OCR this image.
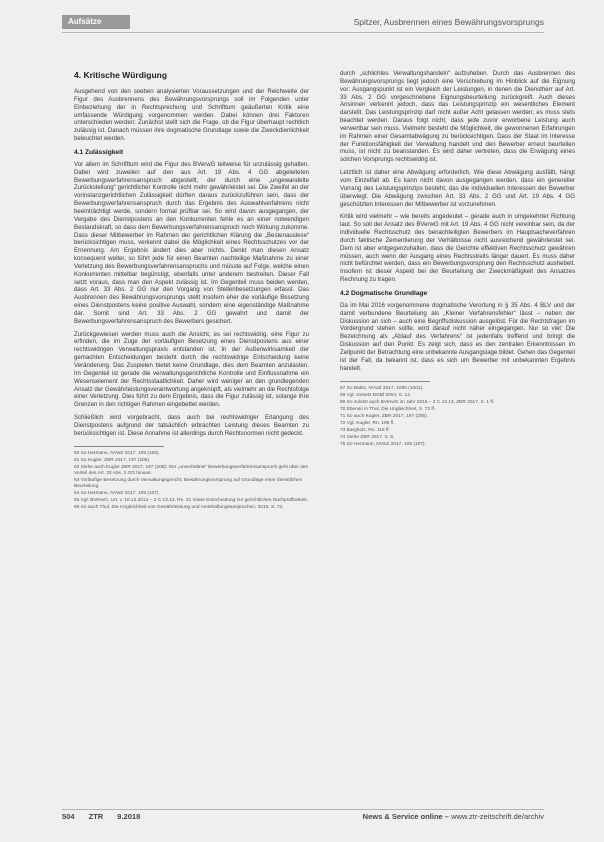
Aufsätze	Spitzer, Ausbrennen eines Bewährungsvorsprungs
4. Kritische Würdigung

Ausgehend von den soeben analysierten Voraussetzungen und der Reichweite der Figur des Ausbrennens des Bewährungsvorsprungs soll im Folgenden unter Einbeziehung der in Rechtsprechung und Schrifttum geäußerten Kritik eine umfassende Würdigung vorgenommen werden. Dabei können drei Faktoren unterschieden werden: Zunächst stellt sich die Frage, ob die Figur überhaupt rechtlich zulässig ist. Danach müssen ihre dogmatische Grundlage sowie die Zweckdienlichkeit beleuchtet werden.

4.1 Zulässigkeit

Vor allem im Schrifttum wird die Figur des BVerwG teilweise für unzulässig gehalten. Dabei wird zuweilen auf den aus Art. 19 Abs. 4 GG abgeleiteten Bewerbungsverfahrensanspruch abgestellt, der durch eine „ungewandelte Zurückstellung“ gerichtlicher Kontrolle nicht mehr gewährleistet sei. Die Zweifel an der vorinstanzgerichtlichen Zulässigkeit dürften daraus zurückzuführen sein, dass der Bewerbungsverfahrensanspruch durch das Ergebnis des Auswahlverfahrens nicht beeinträchtigt werde, sondern formal prüfbar sei. So wird davon ausgegangen, der Vergabe des Dienstpostens an den Konkurrenten fehle es an einer notwendigen Bestandskraft, so dass dem Bewerbungsverfahrensanspruch noch Wirkung zukomme. Dass dieser Mitbewerber im Rahmen der gerichtlichen Klärung die „Bestenauslese“ berücksichtigen muss, verkennt dabei die Möglichkeit eines Rechtsschutzes vor der Ernennung. Am Ergebnis ändert dies aber nichts. Denkt man diesen Ansatz konsequent weiter, so führt jede für einen Beamten nachteilige Maßnahme zu einer Verletzung des Bewerbungsverfahrensanspruchs und müsste auf Folge, welche einen Konkurrenten mittelbar begünstigt, ebenfalls unter anderem bestreiten. Dieser Fall setzt voraus, dass man den Aspekt zulässig ist. Im Gegenteil muss beiden werden, dass Art. 33 Abs. 2 GG nur den Vorgang von Stellenbesetzungen erfasst. Das Ausbrennen des Bewährungsvorsprungs stellt insofern eher die vorläufige Besetzung eines Dienstpostens keine positive Auswahl, sondern eine eigenständige Maßnahme dar. Somit sind Art. 33 Abs. 2 GG gewahrt und damit der Bewerbungsverfahrensanspruch des Bewerbers gesichert.

Zurückgewiesen werden muss auch die Ansicht, es sei rechtswidrig, eine Figur zu erfinden, die im Zuge der vorläufigen Besetzung eines Dienstpostens aus einer rechtswidrigen Verwaltungspraxis entstanden ist. In der Außenwirksamkeit der gemachten Entscheidungen besteht durch die rechtswidrige Entscheidung keine Veränderung. Das Zuspielen bietet keine Grundlage, dies dem Beamten anzulasten. Im Gegenteil ist gerade die verwaltungsgerichtliche Kontrolle und Einflussnahme ein Wesenselement der Rechtsstaatlichkeit. Daher wird weniger an den grundlegenden Ansatz der Gewährleistungsverantwortung angeknüpft, als vielmehr an die Rechtsfolge einer Verletzung. Dies führt zu dem Ergebnis, dass die Figur zulässig ist, solange ihre Grenzen in den richtigen Rahmen eingebettet werden.

Schließlich wird vorgebracht, dass auch bei rechtswidriger Erlangung des Dienstpostens aufgrund der tatsächlich erbrachten Leistung dieses Beamten zu berücksichtigen ist. Diese Annahme ist allerdings durch Rechtsnormen nicht gedeckt.

60 So Hermann, NVwZ 2017, 105 (106).
61 So Kugler, ZBR 2017, 197 (205).
62 Siehe auch Kugler ZBR 2017, 197 (205): Der „unverhältnis“ Bewerbungsverfahrensanspruch geht über den Vorteil des Art. 33 Abs. 2 GG hinaus.
63 Vorläufige Besetzung durch Verwaltungsgericht; Bewährungsvorsprung auf Grundlage einer dienstlichen Beurteilung.
64 So Hermann, NVwZ 2017, 105 (107).
65 Vgl. BVerwG, Urt. v. 10.12.2014 – 2 C 13.13, Rn. 31 sowie Entscheidung zur gerichtlichen Nachprüfbarkeit.
66 So auch Thul, Die Ungleichheit von Gewährleistung und Amtshaftungsansprüchen, 2016, S. 73.

durch „schlichtes Verwaltungshandeln“ aufzuheben. Durch das Ausbrennen des Bewährungsvorsprungs liegt jedoch eine Verschiebung im Hinblick auf die Eignung vor: Ausgangspunkt ist ein Vergleich der Leistungen, in denen die Dienstherr auf Art. 33 Abs. 2 GG vorgeschriebene Eignungsbeurteilung zurückgreift. Auch dieses Ansinnen verkennt jedoch, dass das Leistungsprinzip ein wesentliches Element darstellt. Das Leistungsprinzip darf nicht außer Acht gelassen werden; es muss stets beachtet werden. Daraus folgt nicht, dass jede zuvor erworbene Leistung auch verwertbar sein muss. Vielmehr besteht die Möglichkeit, die gewonnenen Erfahrungen im Rahmen einer Gesamtabwägung zu berücksichtigen. Dass der Staat im Interesse der Funktionsfähigkeit der Verwaltung handelt und den Bewerber erneut beurteilen muss, ist nicht zu beanstanden. Es wird daher vertreten, dass die Erwägung eines solchen Vorsprungs rechtswidrig ist.

Letztlich ist daher eine Abwägung erforderlich. Wie diese Abwägung ausfällt, hängt vom Einzelfall ab. Es kann nicht davon ausgegangen werden, dass ein genereller Vorrang des Leistungsprinzips besteht, das die individuellen Interessen der Bewerber überwiegt. Die Abwägung zwischen Art. 33 Abs. 2 GG und Art. 19 Abs. 4 GG geschützten Interessen der Mitbewerber ist vorzunehmen.

Kritik wird vielmehr – wie bereits angedeutet – gerade auch in umgekehrter Richtung laut. So soll der Ansatz des BVerwG mit Art. 19 Abs. 4 GG nicht vereinbar sein, da der individuelle Rechtsschutz des benachteiligten Bewerbers im Hauptsacheverfahren durch faktische Zementierung der Verhältnisse nicht ausreichend gewährleistet sei. Dem ist aber entgegenzuhalten, dass die Gerichte effektiven Rechtsschutz gewähren müssen, auch wenn der Ausgang eines Rechtsstreits länger dauert. Es muss daher nicht befürchtet werden, dass ein Bewerbungsvorsprung den Rechtsschutz aushebelt. Insofern ist dieser Aspekt bei der Beurteilung der Zweckmäßigkeit des Ansatzes Rechnung zu tragen.

4.2 Dogmatische Grundlage

Da im Mai 2016 vorgenommene dogmatische Verortung in § 35 Abs. 4 BLV und der damit verbundene Beurteilung als „Kleiner Verfahrensfehler“ lässt – neben der Diskussion an sich – auch eine Begriffsdiskussion ausgelöst. Für die Rechtsfragen im Vordergrund stehen sollte, wird darauf nicht näher eingegangen. Nur so viel: Die Bezeichnung als „Ablauf des Verfahrens“ ist jedenfalls treffend und bringt die Diskussion auf den Punkt. Es zeigt sich, dass es den zentralen Erkenntnissen im Zeitpunkt der Betrachtung eine unbekannte Ausgangslage bildet. Gehen das Gegenteil ist der Fall, da bekannt ist, dass es sich um Bewerber mit unbekannten Ergebnis handelt.

67 So Battis, NVwZ 2017, 1000 (1001).
68 Vgl. Gesetz BGBl 2004, S. 12.
69 So zuletzt auch BVerwG im Jahr 2016 – 2 C 13.13, ZBR 2017, S. 1 ff.
70 Ebenso in Thul, Die Ungleichheit, S. 73 ff.
71 So auch Kugler, ZBR 2017, 197 (205).
72 Vgl. Kugler, Rn. 196 ff.
73 Bargholz, Rn. 116 ff.
74 Siehe ZBR 2017, S. 5.
75 So Hermann, NVwZ 2017, 105 (107).
504 ZTR 9.2018	News & Service online – www.ztr-zeitschrift.de/archiv
